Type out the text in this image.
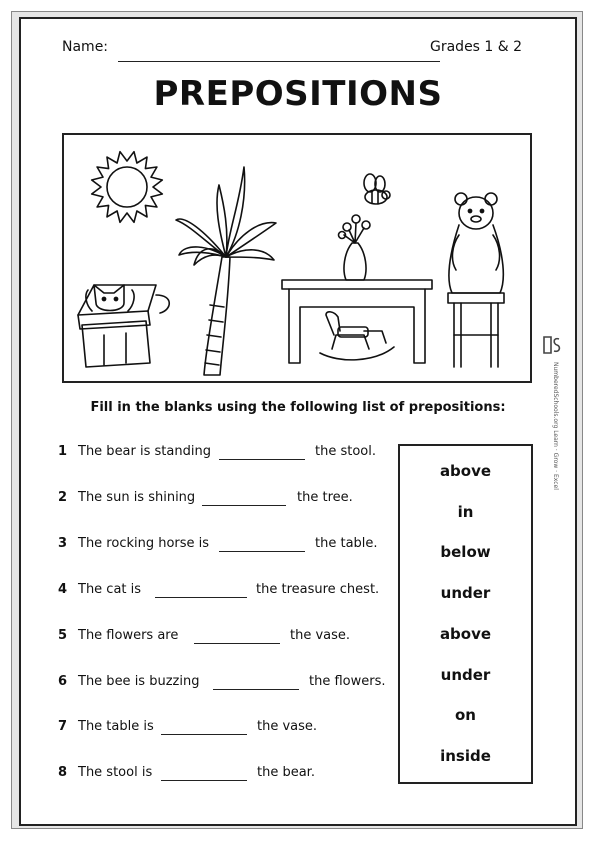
Name:	Grades 1 & 2
PREPOSITIONS
NumberedSchools.org Learn · Grow · Excel
Fill in the blanks using the following list of prepositions:
1 The bear is standing	the stool.
2 The sun is shining	the tree.
3 The rocking horse is	the table.
4 The cat is	the treasure chest.
5 The flowers are	the vase.
6 The bee is buzzing	the flowers.
7 The table is	the vase.
8 The stool is	the bear.
above
in
below
under
above
under
on
inside
